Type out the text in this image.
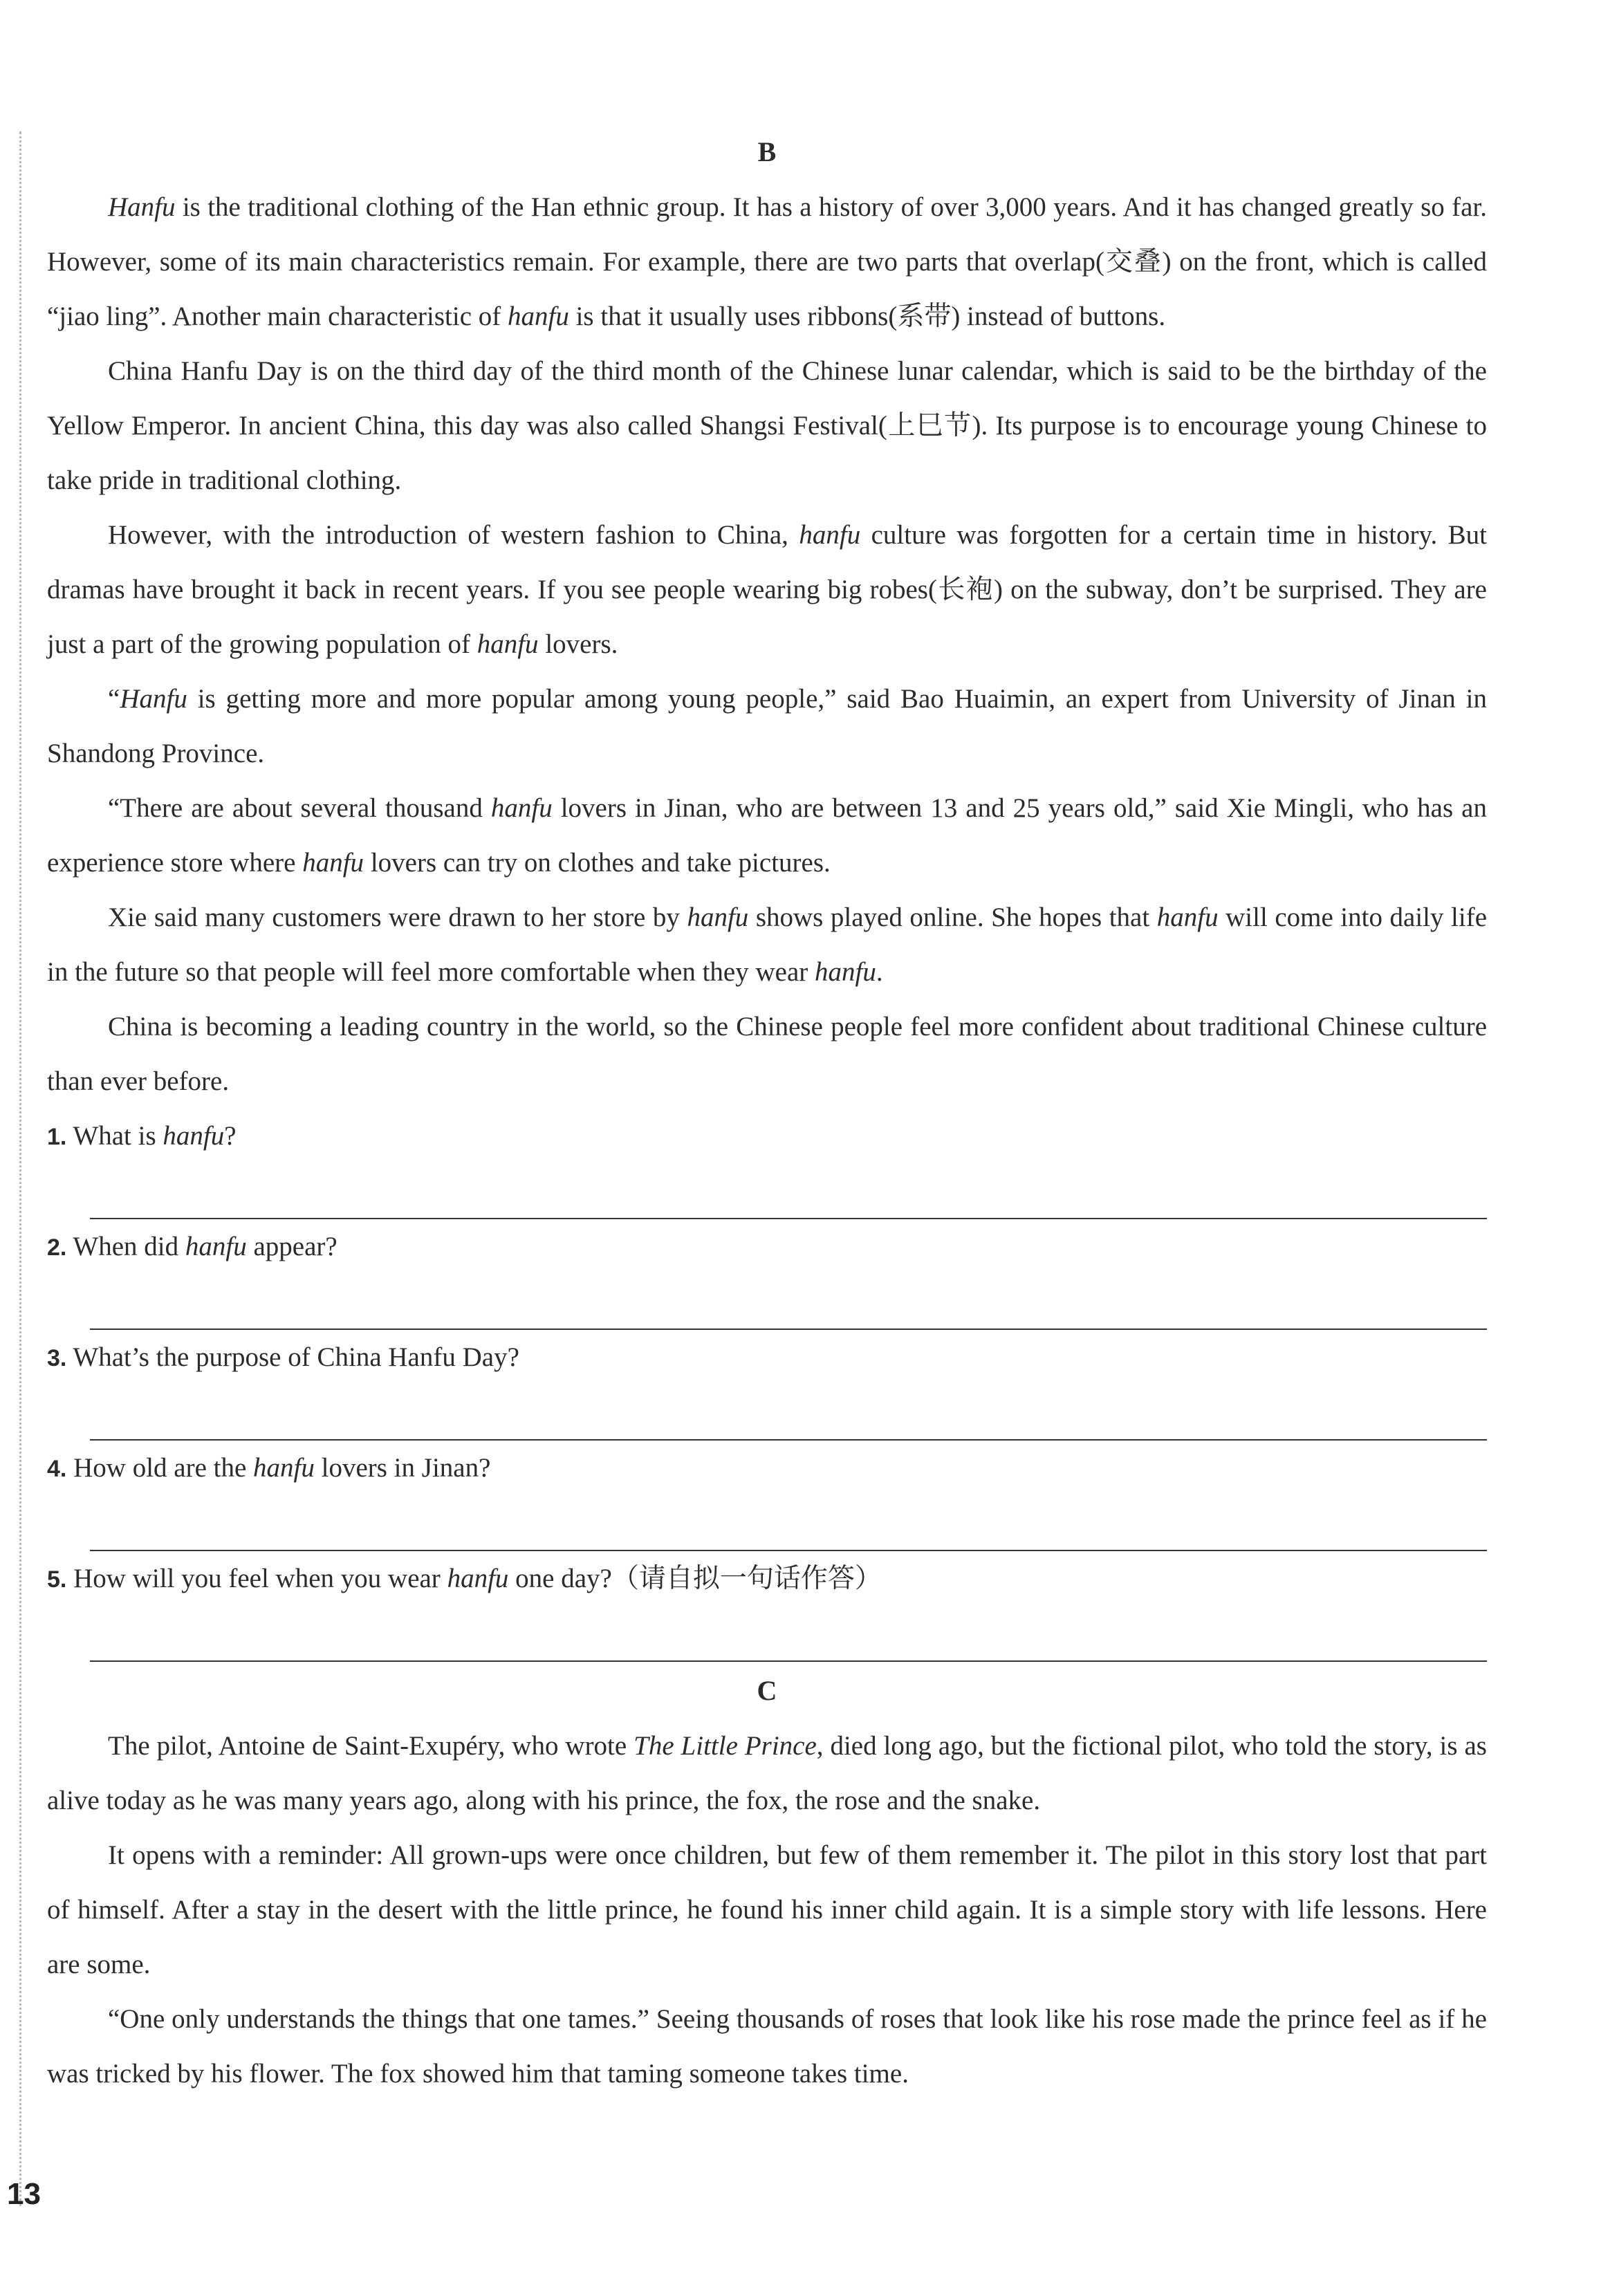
B

Hanfu is the traditional clothing of the Han ethnic group. It has a history of over 3,000 years. And it has changed greatly so far. However, some of its main characteristics remain. For example, there are two parts that overlap(交叠) on the front, which is called “jiao ling”. Another main characteristic of hanfu is that it usually uses ribbons(系带) instead of buttons.

China Hanfu Day is on the third day of the third month of the Chinese lunar calendar, which is said to be the birthday of the Yellow Emperor. In ancient China, this day was also called Shangsi Festival(上巳节). Its purpose is to encourage young Chinese to take pride in traditional clothing.

However, with the introduction of western fashion to China, hanfu culture was forgotten for a certain time in history. But dramas have brought it back in recent years. If you see people wearing big robes(长袍) on the subway, don’t be surprised. They are just a part of the growing population of hanfu lovers.

“Hanfu is getting more and more popular among young people,” said Bao Huaimin, an expert from University of Jinan in Shandong Province.

“There are about several thousand hanfu lovers in Jinan, who are between 13 and 25 years old,” said Xie Mingli, who has an experience store where hanfu lovers can try on clothes and take pictures.

Xie said many customers were drawn to her store by hanfu shows played online. She hopes that hanfu will come into daily life in the future so that people will feel more comfortable when they wear hanfu.

China is becoming a leading country in the world, so the Chinese people feel more confident about traditional Chinese culture than ever before.

1. What is hanfu?

2. When did hanfu appear?

3. What’s the purpose of China Hanfu Day?

4. How old are the hanfu lovers in Jinan?

5. How will you feel when you wear hanfu one day?（请自拟一句话作答）

C

The pilot, Antoine de Saint-Exupéry, who wrote The Little Prince, died long ago, but the fictional pilot, who told the story, is as alive today as he was many years ago, along with his prince, the fox, the rose and the snake.

It opens with a reminder: All grown-ups were once children, but few of them remember it. The pilot in this story lost that part of himself. After a stay in the desert with the little prince, he found his inner child again. It is a simple story with life lessons. Here are some.

“One only understands the things that one tames.” Seeing thousands of roses that look like his rose made the prince feel as if he was tricked by his flower. The fox showed him that taming someone takes time.

13
